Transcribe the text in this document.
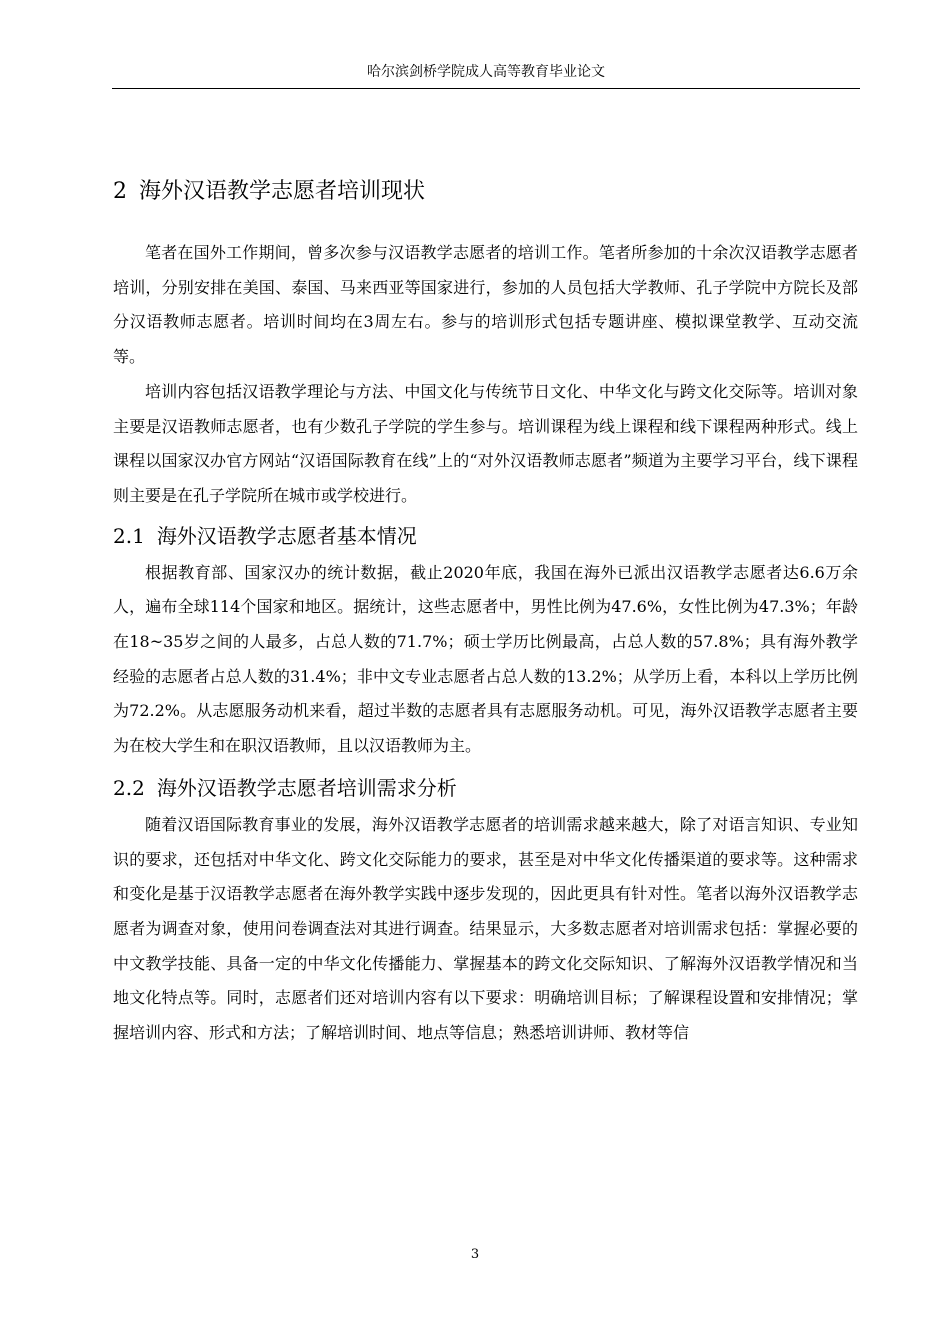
哈尔滨剑桥学院成人高等教育毕业论文
2 海外汉语教学志愿者培训现状

笔者在国外工作期间，曾多次参与汉语教学志愿者的培训工作。笔者所参加的十余次汉语教学志愿者培训，分别安排在美国、泰国、马来西亚等国家进行，参加的人员包括大学教师、孔子学院中方院长及部分汉语教师志愿者。培训时间均在3周左右。参与的培训形式包括专题讲座、模拟课堂教学、互动交流等。

培训内容包括汉语教学理论与方法、中国文化与传统节日文化、中华文化与跨文化交际等。培训对象主要是汉语教师志愿者，也有少数孔子学院的学生参与。培训课程为线上课程和线下课程两种形式。线上课程以国家汉办官方网站“汉语国际教育在线”上的“对外汉语教师志愿者”频道为主要学习平台，线下课程则主要是在孔子学院所在城市或学校进行。

2.1 海外汉语教学志愿者基本情况

根据教育部、国家汉办的统计数据，截止2020年底，我国在海外已派出汉语教学志愿者达6.6万余人，遍布全球114个国家和地区。据统计，这些志愿者中，男性比例为47.6%，女性比例为47.3%；年龄在18~35岁之间的人最多，占总人数的71.7%；硕士学历比例最高，占总人数的57.8%；具有海外教学经验的志愿者占总人数的31.4%；非中文专业志愿者占总人数的13.2%；从学历上看，本科以上学历比例为72.2%。从志愿服务动机来看，超过半数的志愿者具有志愿服务动机。可见，海外汉语教学志愿者主要为在校大学生和在职汉语教师，且以汉语教师为主。

2.2 海外汉语教学志愿者培训需求分析

随着汉语国际教育事业的发展，海外汉语教学志愿者的培训需求越来越大，除了对语言知识、专业知识的要求，还包括对中华文化、跨文化交际能力的要求，甚至是对中华文化传播渠道的要求等。这种需求和变化是基于汉语教学志愿者在海外教学实践中逐步发现的，因此更具有针对性。笔者以海外汉语教学志愿者为调查对象，使用问卷调查法对其进行调查。结果显示，大多数志愿者对培训需求包括：掌握必要的中文教学技能、具备一定的中华文化传播能力、掌握基本的跨文化交际知识、了解海外汉语教学情况和当地文化特点等。同时，志愿者们还对培训内容有以下要求：明确培训目标；了解课程设置和安排情况；掌握培训内容、形式和方法；了解培训时间、地点等信息；熟悉培训讲师、教材等信

3
